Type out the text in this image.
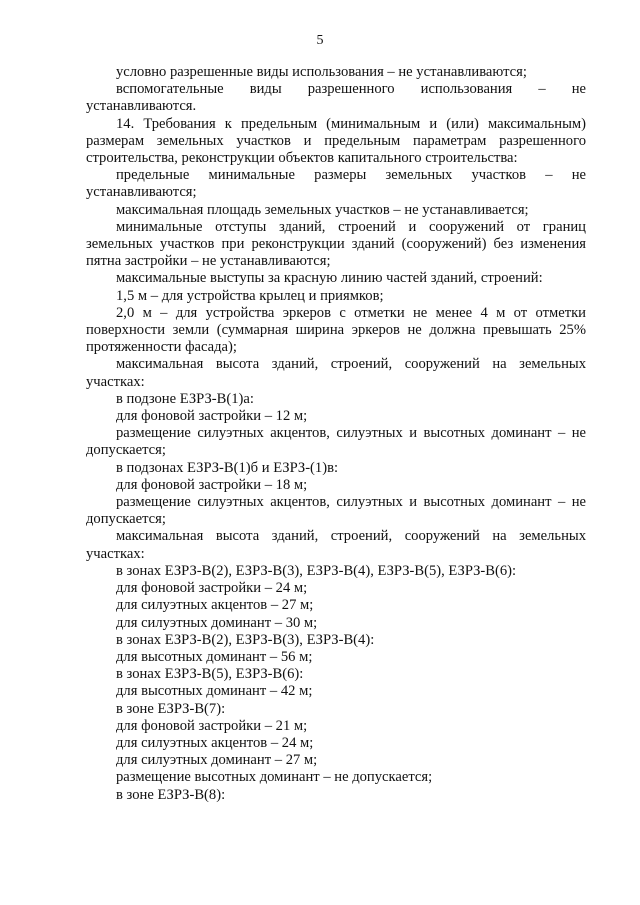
5

условно разрешенные виды использования – не устанавливаются;

вспомогательные виды разрешенного использования – не устанавливаются.

14. Требования к предельным (минимальным и (или) максимальным) размерам земельных участков и предельным параметрам разрешенного строительства, реконструкции объектов капитального строительства:

предельные минимальные размеры земельных участков – не устанавливаются;

максимальная площадь земельных участков – не устанавливается;

минимальные отступы зданий, строений и сооружений от границ земельных участков при реконструкции зданий (сооружений) без изменения пятна застройки – не устанавливаются;

максимальные выступы за красную линию частей зданий, строений:

1,5 м – для устройства крылец и приямков;

2,0 м – для устройства эркеров с отметки не менее 4 м от отметки поверхности земли (суммарная ширина эркеров не должна превышать 25% протяженности фасада);

максимальная высота зданий, строений, сооружений на земельных участках:

в подзоне ЕЗРЗ-В(1)а:

для фоновой застройки – 12 м;

размещение силуэтных акцентов, силуэтных и высотных доминант – не допускается;

в подзонах ЕЗРЗ-В(1)б и ЕЗРЗ-(1)в:

для фоновой застройки – 18 м;

размещение силуэтных акцентов, силуэтных и высотных доминант – не допускается;

максимальная высота зданий, строений, сооружений на земельных участках:

в зонах ЕЗРЗ-В(2), ЕЗРЗ-В(3), ЕЗРЗ-В(4), ЕЗРЗ-В(5), ЕЗРЗ-В(6):

для фоновой застройки – 24 м;

для силуэтных акцентов – 27 м;

для силуэтных доминант – 30 м;

в зонах ЕЗРЗ-В(2), ЕЗРЗ-В(3), ЕЗРЗ-В(4):

для высотных доминант – 56 м;

в зонах ЕЗРЗ-В(5), ЕЗРЗ-В(6):

для высотных доминант – 42 м;

в зоне ЕЗРЗ-В(7):

для фоновой застройки – 21 м;

для силуэтных акцентов – 24 м;

для силуэтных доминант – 27 м;

размещение высотных доминант – не допускается;

в зоне ЕЗРЗ-В(8):
